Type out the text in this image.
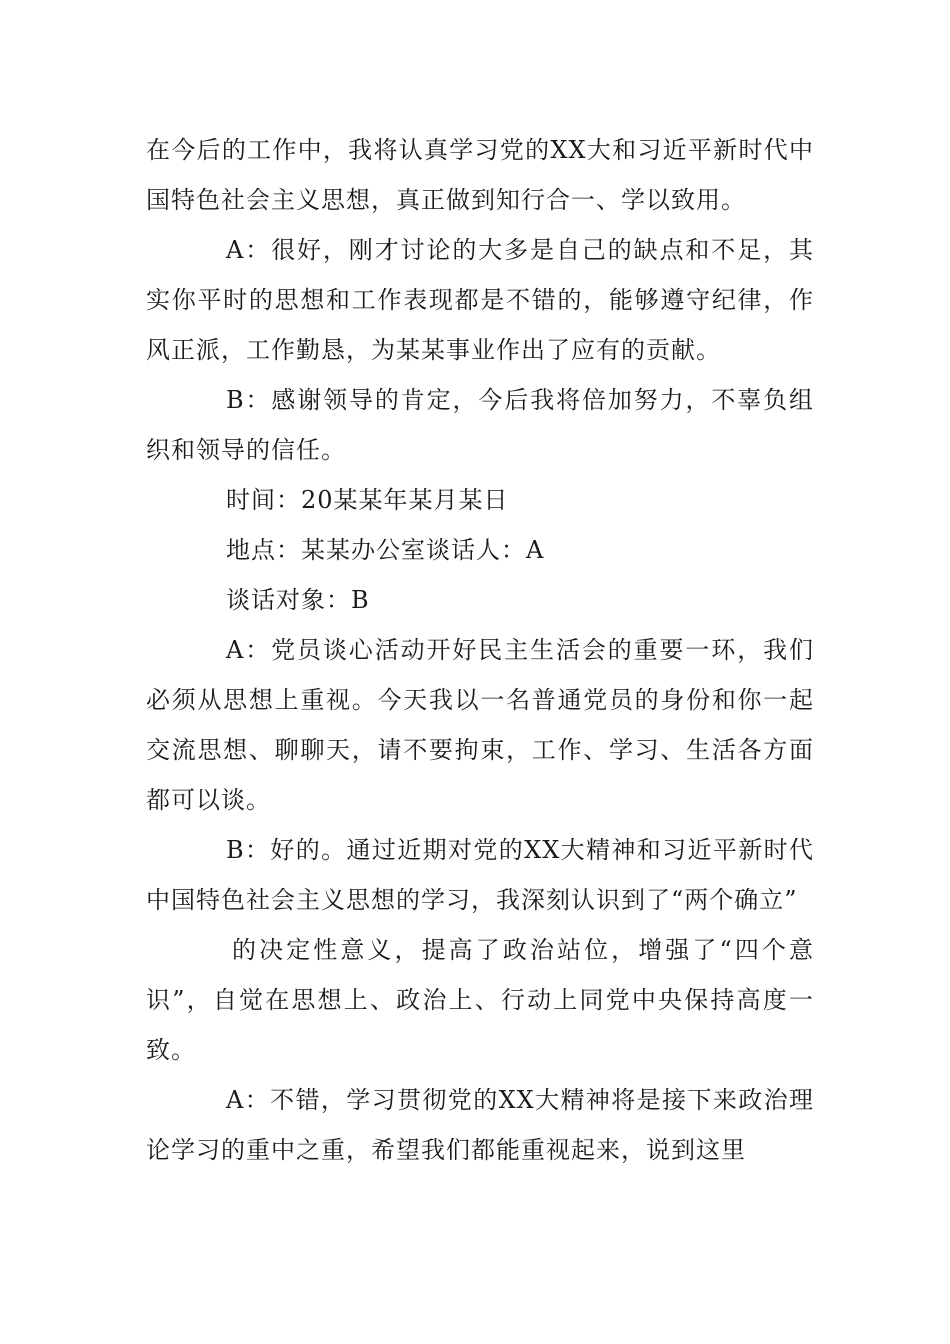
在今后的工作中，我将认真学习党的XX大和习近平新时代中国特色社会主义思想，真正做到知行合一、学以致用。

A：很好，刚才讨论的大多是自己的缺点和不足，其实你平时的思想和工作表现都是不错的，能够遵守纪律，作风正派，工作勤恳，为某某事业作出了应有的贡献。

B：感谢领导的肯定，今后我将倍加努力，不辜负组织和领导的信任。

时间：20某某年某月某日

地点：某某办公室谈话人：A

谈话对象：B

A：党员谈心活动开好民主生活会的重要一环，我们必须从思想上重视。今天我以一名普通党员的身份和你一起交流思想、聊聊天，请不要拘束，工作、学习、生活各方面都可以谈。

B：好的。通过近期对党的XX大精神和习近平新时代中国特色社会主义思想的学习，我深刻认识到了“两个确立”

的决定性意义，提高了政治站位，增强了“四个意识”，自觉在思想上、政治上、行动上同党中央保持高度一致。

A：不错，学习贯彻党的XX大精神将是接下来政治理论学习的重中之重，希望我们都能重视起来，说到这里
